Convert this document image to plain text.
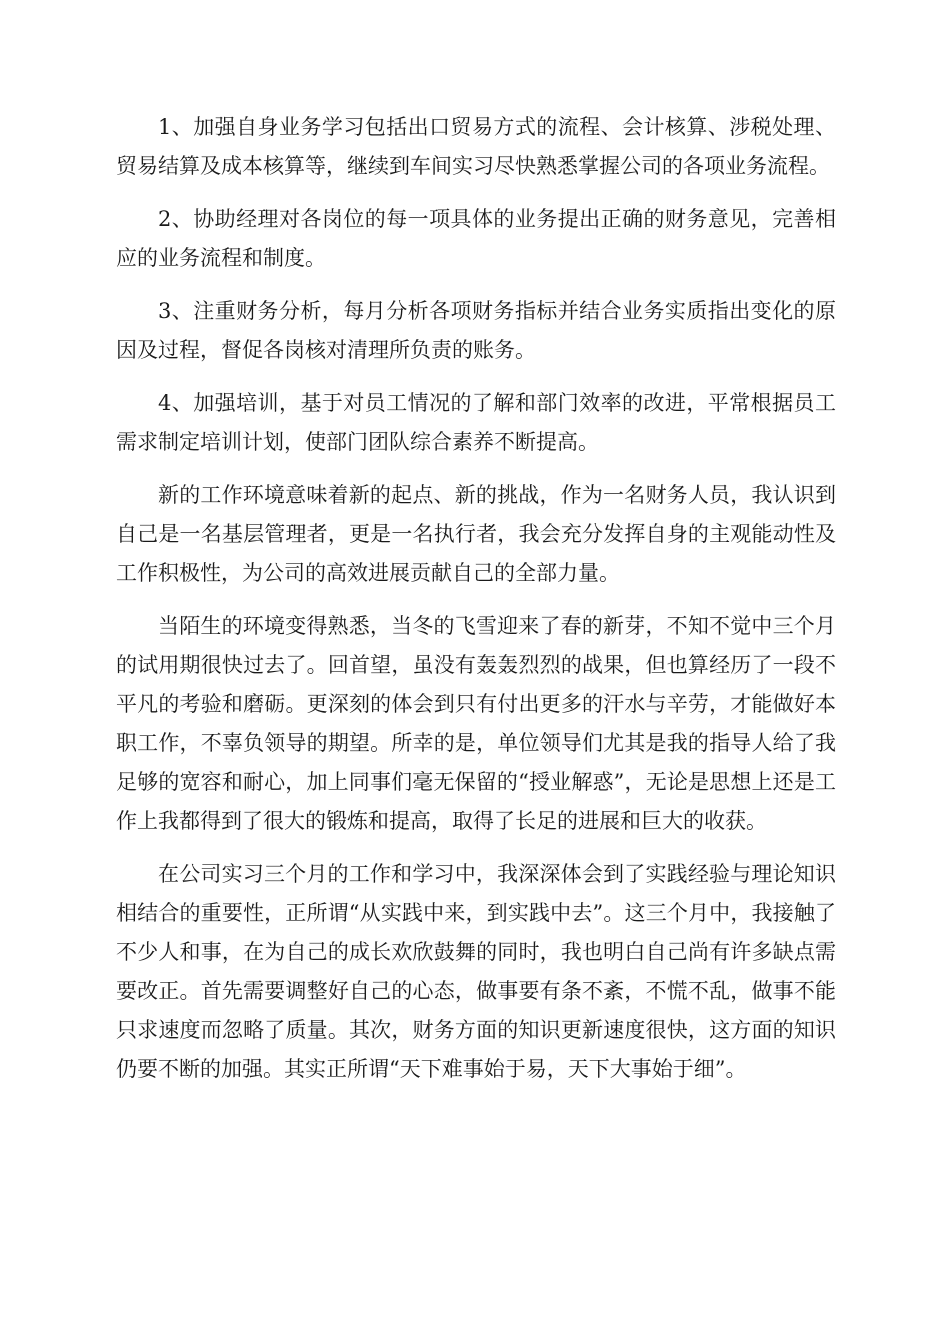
1、加强自身业务学习包括出口贸易方式的流程、会计核算、涉税处理、贸易结算及成本核算等，继续到车间实习尽快熟悉掌握公司的各项业务流程。

2、协助经理对各岗位的每一项具体的业务提出正确的财务意见，完善相应的业务流程和制度。

3、注重财务分析，每月分析各项财务指标并结合业务实质指出变化的原因及过程，督促各岗核对清理所负责的账务。

4、加强培训，基于对员工情况的了解和部门效率的改进，平常根据员工需求制定培训计划，使部门团队综合素养不断提高。

新的工作环境意味着新的起点、新的挑战，作为一名财务人员，我认识到自己是一名基层管理者，更是一名执行者，我会充分发挥自身的主观能动性及工作积极性，为公司的高效进展贡献自己的全部力量。

当陌生的环境变得熟悉，当冬的飞雪迎来了春的新芽，不知不觉中三个月的试用期很快过去了。回首望，虽没有轰轰烈烈的战果，但也算经历了一段不平凡的考验和磨砺。更深刻的体会到只有付出更多的汗水与辛劳，才能做好本职工作，不辜负领导的期望。所幸的是，单位领导们尤其是我的指导人给了我足够的宽容和耐心，加上同事们毫无保留的“授业解惑”，无论是思想上还是工作上我都得到了很大的锻炼和提高，取得了长足的进展和巨大的收获。

在公司实习三个月的工作和学习中，我深深体会到了实践经验与理论知识相结合的重要性，正所谓“从实践中来，到实践中去”。这三个月中，我接触了不少人和事，在为自己的成长欢欣鼓舞的同时，我也明白自己尚有许多缺点需要改正。首先需要调整好自己的心态，做事要有条不紊，不慌不乱，做事不能只求速度而忽略了质量。其次，财务方面的知识更新速度很快，这方面的知识仍要不断的加强。其实正所谓“天下难事始于易，天下大事始于细”。
